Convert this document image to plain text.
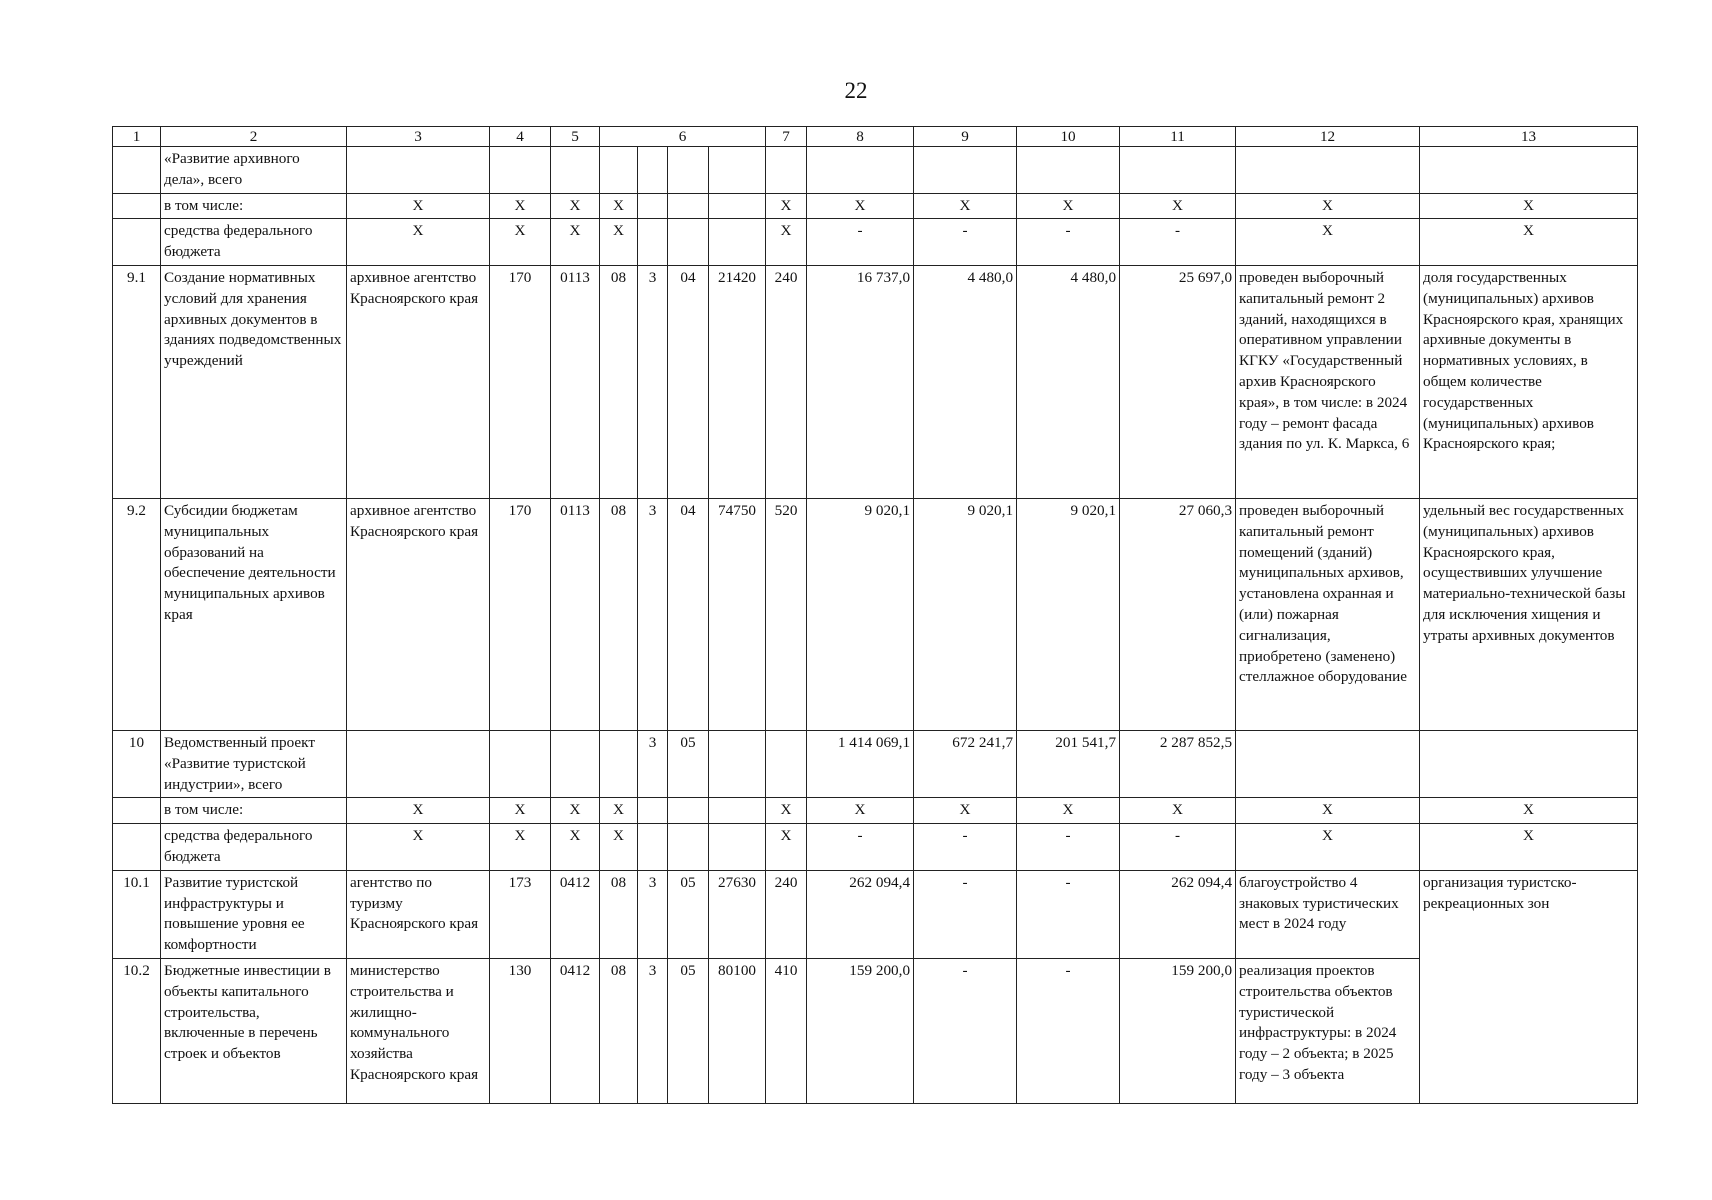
22
1	2	3	4	5	6				7	8	9	10	11	12	13
	«Развитие архивного дела», всего														
	в том числе:	Х	Х	Х	Х				Х	Х	Х	Х	Х	Х	Х
	средства федерального бюджета	Х	Х	Х	Х				Х	-	-	-	-	Х	Х
9.1	Создание нормативных условий для хранения архивных документов в зданиях подведомственных учреждений	архивное агентство Красноярского края	170	0113	08	3	04	21420	240	16 737,0	4 480,0	4 480,0	25 697,0	проведен выборочный капитальный ремонт 2 зданий, находящихся в оперативном управлении КГКУ «Государственный архив Красноярского края», в том числе: в 2024 году – ремонт фасада здания по ул. К. Маркса, 6	доля государственных (муниципальных) архивов Красноярского края, хранящих архивные документы в нормативных условиях, в общем количестве государственных (муниципальных) архивов Красноярского края;
9.2	Субсидии бюджетам муниципальных образований на обеспечение деятельности муниципальных архивов края	архивное агентство Красноярского края	170	0113	08	3	04	74750	520	9 020,1	9 020,1	9 020,1	27 060,3	проведен выборочный капитальный ремонт помещений (зданий) муниципальных архивов, установлена охранная и (или) пожарная сигнализация, приобретено (заменено) стеллажное оборудование	удельный вес государственных (муниципальных) архивов Красноярского края, осуществивших улучшение материально-технической базы для исключения хищения и утраты архивных документов
10	Ведомственный проект «Развитие туристской индустрии», всего					3	05			1 414 069,1	672 241,7	201 541,7	2 287 852,5		
	в том числе:	Х	Х	Х	Х				Х	Х	Х	Х	Х	Х	Х
	средства федерального бюджета	Х	Х	Х	Х				Х	-	-	-	-	Х	Х
10.1	Развитие туристской инфраструктуры и повышение уровня ее комфортности	агентство по туризму Красноярского края	173	0412	08	3	05	27630	240	262 094,4	-	-	262 094,4	благоустройство 4 знаковых туристических мест в 2024 году	организация туристско-рекреационных зон
10.2	Бюджетные инвестиции в объекты капитального строительства, включенные в перечень строек и объектов	министерство строительства и жилищно-коммунального хозяйства Красноярского края	130	0412	08	3	05	80100	410	159 200,0	-	-	159 200,0	реализация проектов строительства объектов туристической инфраструктуры: в 2024 году – 2 объекта; в 2025 году – 3 объекта	
